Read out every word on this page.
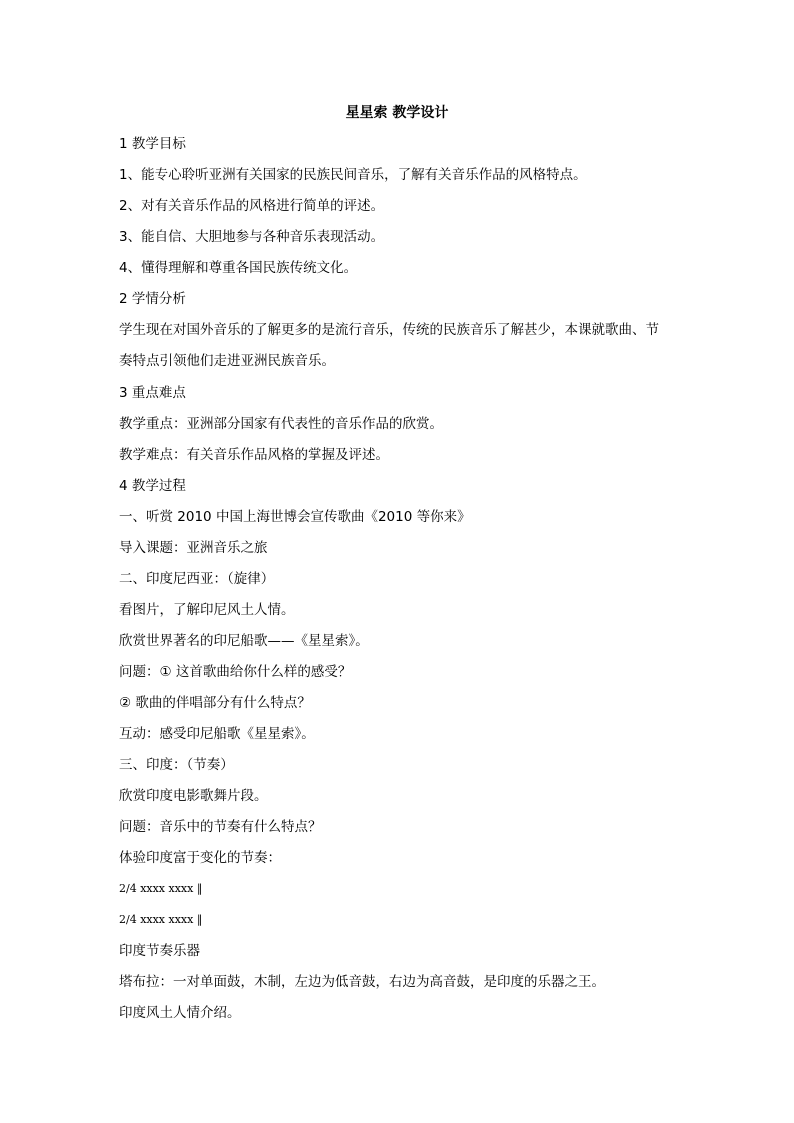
星星索 教学设计
1 教学目标
1、能专心聆听亚洲有关国家的民族民间音乐，了解有关音乐作品的风格特点。
2、对有关音乐作品的风格进行简单的评述。
3、能自信、大胆地参与各种音乐表现活动。
4、懂得理解和尊重各国民族传统文化。
2 学情分析
学生现在对国外音乐的了解更多的是流行音乐，传统的民族音乐了解甚少，本课就歌曲、节
奏特点引领他们走进亚洲民族音乐。
3 重点难点
教学重点：亚洲部分国家有代表性的音乐作品的欣赏。
教学难点：有关音乐作品风格的掌握及评述。
4 教学过程
一、听赏 2010 中国上海世博会宣传歌曲《2010 等你来》
导入课题：亚洲音乐之旅
二、印度尼西亚：（旋律）
看图片，了解印尼风土人情。
欣赏世界著名的印尼船歌——《星星索》。
问题：① 这首歌曲给你什么样的感受？
② 歌曲的伴唱部分有什么特点？
互动：感受印尼船歌《星星索》。
三、印度：（节奏）
欣赏印度电影歌舞片段。
问题：音乐中的节奏有什么特点？
体验印度富于变化的节奏：
2/4 xxxx xxxx ‖
2/4 xxxx xxxx ‖
印度节奏乐器
塔布拉：一对单面鼓，木制，左边为低音鼓，右边为高音鼓，是印度的乐器之王。
印度风土人情介绍。
